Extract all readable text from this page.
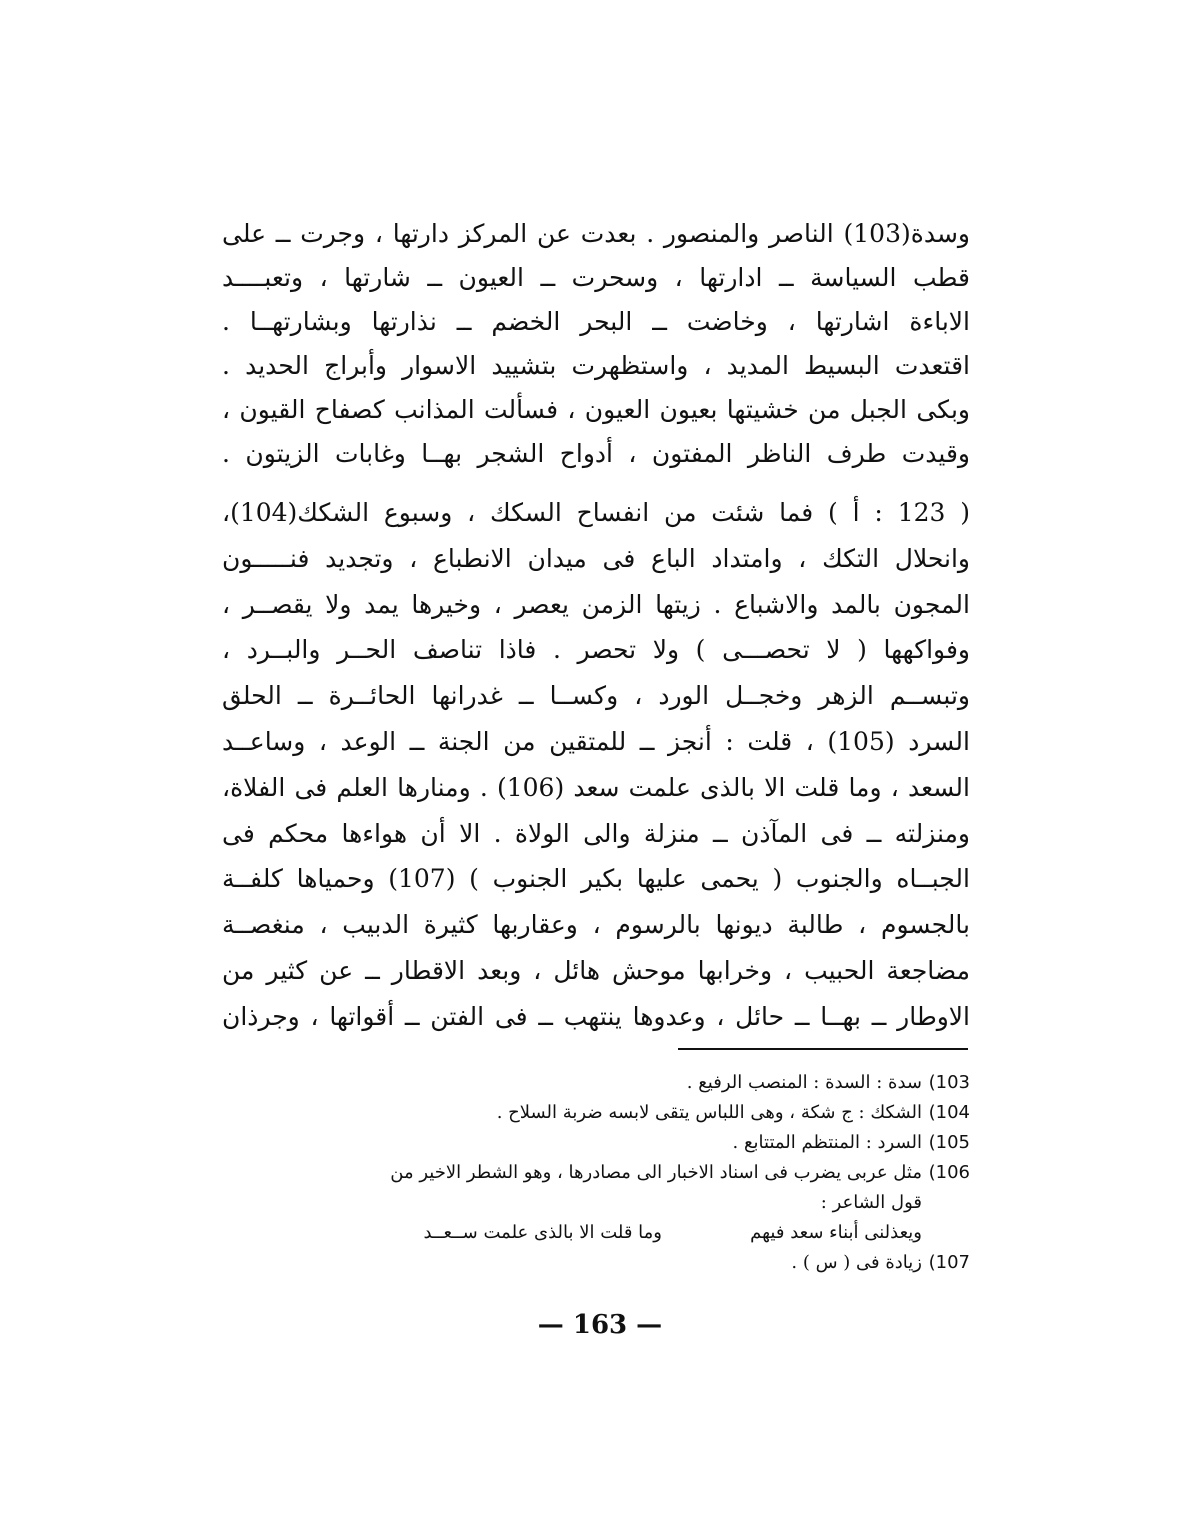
وسدة(103) الناصر والمنصور . بعدت عن المركز دارتها ، وجرت ــ على
قطب السياسة ــ ادارتها ، وسحرت ــ العيون ــ شارتها ، وتعبــــد
الاباءة اشارتها ، وخاضت ــ البحر الخضم ــ نذارتها وبشارتهــا .
اقتعدت البسيط المديد ، واستظهرت بتشييد الاسوار وأبراج الحديد .
وبكى الجبل من خشيتها بعيون العيون ، فسألت المذانب كصفاح القيون ،
وقيدت طرف الناظر المفتون ، أدواح الشجر بهــا وغابات الزيتون .
( 123 : أ ) فما شئت من انفساح السكك ، وسبوع الشكك(104)،
وانحلال التكك ، وامتداد الباع فى ميدان الانطباع ، وتجديد فنـــــون
المجون بالمد والاشباع . زيتها الزمن يعصر ، وخيرها يمد ولا يقصــر ،
وفواكهها ( لا تحصـــى ) ولا تحصر . فاذا تناصف الحــر والبــرد ،
وتبســم الزهر وخجــل الورد ، وكســا ــ غدرانها الحائــرة ــ الحلق
السرد (105) ، قلت : أنجز ــ للمتقين من الجنة ــ الوعد ، وساعــد
السعد ، وما قلت الا بالذى علمت سعد (106) . ومنارها العلم فى الفلاة،
ومنزلته ــ فى المآذن ــ منزلة والى الولاة . الا أن هواءها محكم فى
الجبــاه والجنوب ( يحمى عليها بكير الجنوب ) (107) وحمياها كلفــة
بالجسوم ، طالبة ديونها بالرسوم ، وعقاربها كثيرة الدبيب ، منغصــة
مضاجعة الحبيب ، وخرابها موحش هائل ، وبعد الاقطار ــ عن كثير من
الاوطار ــ بهــا ــ حائل ، وعدوها ينتهب ــ فى الفتن ــ أقواتها ، وجرذان
103)
سدة : السدة : المنصب الرفيع .
104)
الشكك : ج شكة ، وهى اللباس يتقى لابسه ضربة السلاح .
105)
السرد : المنتظم المتتابع .
106)
مثل عربى يضرب فى اسناد الاخبار الى مصادرها ، وهو الشطر الاخير من
قول الشاعر :
ويعذلنى أبناء سعد فيهم
وما قلت الا بالذى علمت ســعــد
107)
زيادة فى ( س ) .
— 163 —
